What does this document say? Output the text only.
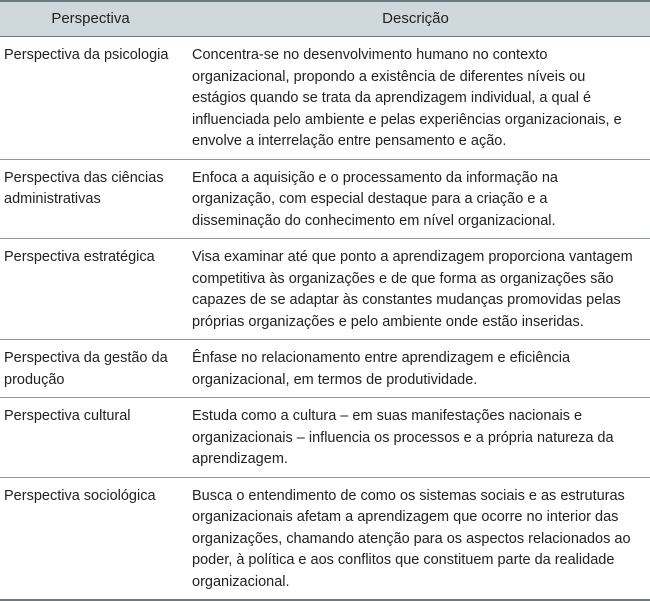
Perspectiva	Descrição
Perspectiva da psicologia	Concentra-se no desenvolvimento humano no contexto organizacional, propondo a existência de diferentes níveis ou estágios quando se trata da aprendizagem individual, a qual é influenciada pelo ambiente e pelas experiências organizacionais, e envolve a interrelação entre pensamento e ação.
Perspectiva das ciências administrativas	Enfoca a aquisição e o processamento da informação na organização, com especial destaque para a criação e a disseminação do conhecimento em nível organizacional.
Perspectiva estratégica	Visa examinar até que ponto a aprendizagem proporciona vantagem competitiva às organizações e de que forma as organizações são capazes de se adaptar às constantes mudanças promovidas pelas próprias organizações e pelo ambiente onde estão inseridas.
Perspectiva da gestão da produção	Ênfase no relacionamento entre aprendizagem e eficiência organizacional, em termos de produtividade.
Perspectiva cultural	Estuda como a cultura – em suas manifestações nacionais e organizacionais – influencia os processos e a própria natureza da aprendizagem.
Perspectiva sociológica	Busca o entendimento de como os sistemas sociais e as estruturas organizacionais afetam a aprendizagem que ocorre no interior das organizações, chamando atenção para os aspectos relacionados ao poder, à política e aos conflitos que constituem parte da realidade organizacional.
